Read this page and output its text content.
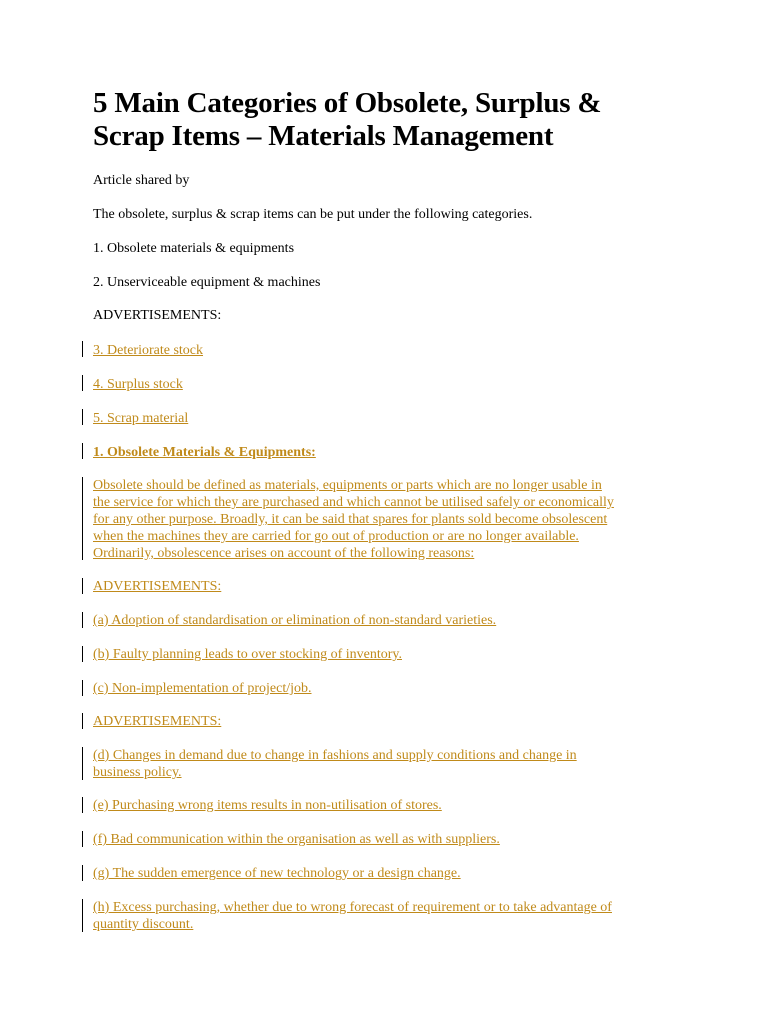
5 Main Categories of Obsolete, Surplus &
Scrap Items – Materials Management

Article shared by

The obsolete, surplus & scrap items can be put under the following categories.

1. Obsolete materials & equipments

2. Unserviceable equipment & machines

ADVERTISEMENTS:

3. Deteriorate stock

4. Surplus stock

5. Scrap material

1. Obsolete Materials & Equipments:

Obsolete should be defined as materials, equipments or parts which are no longer usable in

the service for which they are purchased and which cannot be utilised safely or economically

for any other purpose. Broadly, it can be said that spares for plants sold become obsolescent

when the machines they are carried for go out of production or are no longer available.

Ordinarily, obsolescence arises on account of the following reasons:

ADVERTISEMENTS:

(a) Adoption of standardisation or elimination of non-standard varieties.

(b) Faulty planning leads to over stocking of inventory.

(c) Non-implementation of project/job.

ADVERTISEMENTS:

(d) Changes in demand due to change in fashions and supply conditions and change in

business policy.

(e) Purchasing wrong items results in non-utilisation of stores.

(f) Bad communication within the organisation as well as with suppliers.

(g) The sudden emergence of new technology or a design change.

(h) Excess purchasing, whether due to wrong forecast of requirement or to take advantage of

quantity discount.
